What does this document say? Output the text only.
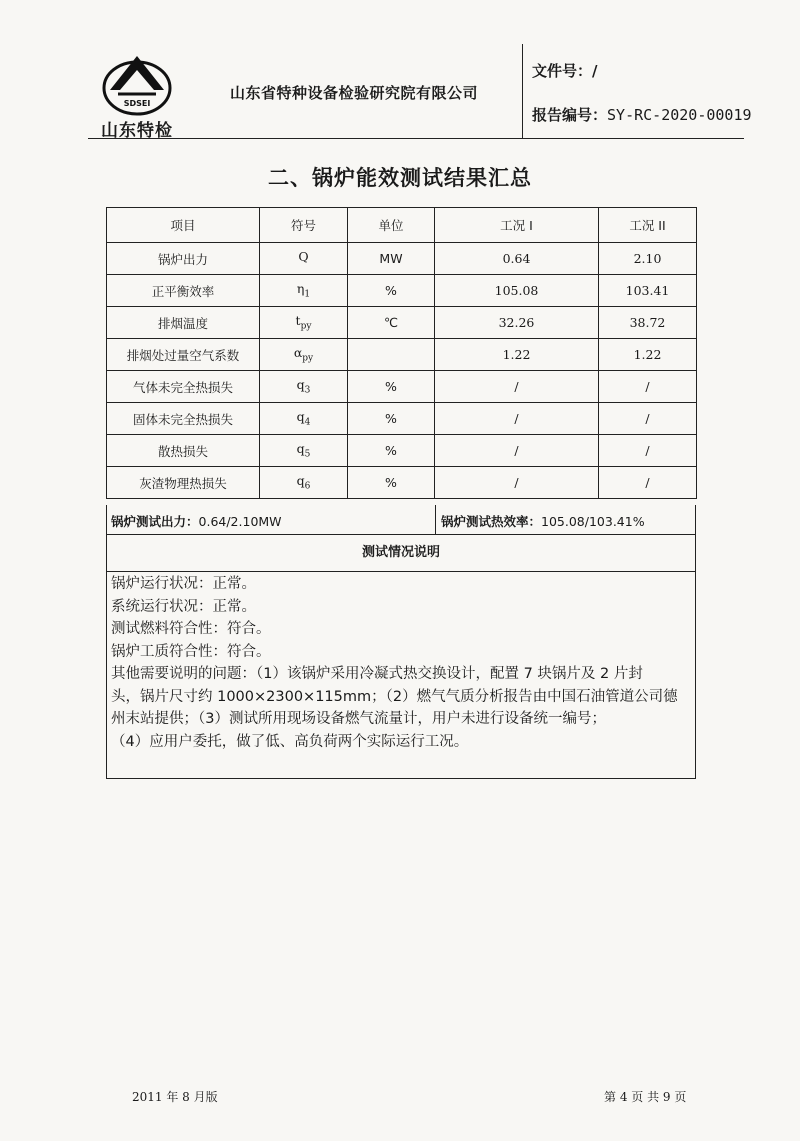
SDSEI
山东特检
山东省特种设备检验研究院有限公司
文件号：/
报告编号：SY-RC-2020-00019
二、锅炉能效测试结果汇总
项目	符号	单位	工况 I	工况 II
锅炉出力	Q	MW	0.64	2.10
正平衡效率	$\eta_1$	%	105.08	103.41
排烟温度	$t_{py}$	℃	32.26	38.72
排烟处过量空气系数	$\alpha_{py}$		1.22	1.22
气体未完全热损失	$q_3$	%	/	/
固体未完全热损失	$q_4$	%	/	/
散热损失	$q_5$	%	/	/
灰渣物理热损失	$q_6$	%	/	/
锅炉测试出力：0.64/2.10MW	锅炉测试热效率：105.08/103.41%
测试情况说明
锅炉运行状况：正常。
系统运行状况：正常。
测试燃料符合性：符合。
锅炉工质符合性：符合。
其他需要说明的问题：（1）该锅炉采用冷凝式热交换设计，配置 7 块锅片及 2 片封
头，锅片尺寸约 1000×2300×115mm；（2）燃气气质分析报告由中国石油管道公司德
州末站提供；（3）测试所用现场设备燃气流量计，用户未进行设备统一编号；
（4）应用户委托，做了低、高负荷两个实际运行工况。
2011 年 8 月版	第 4 页 共 9 页
